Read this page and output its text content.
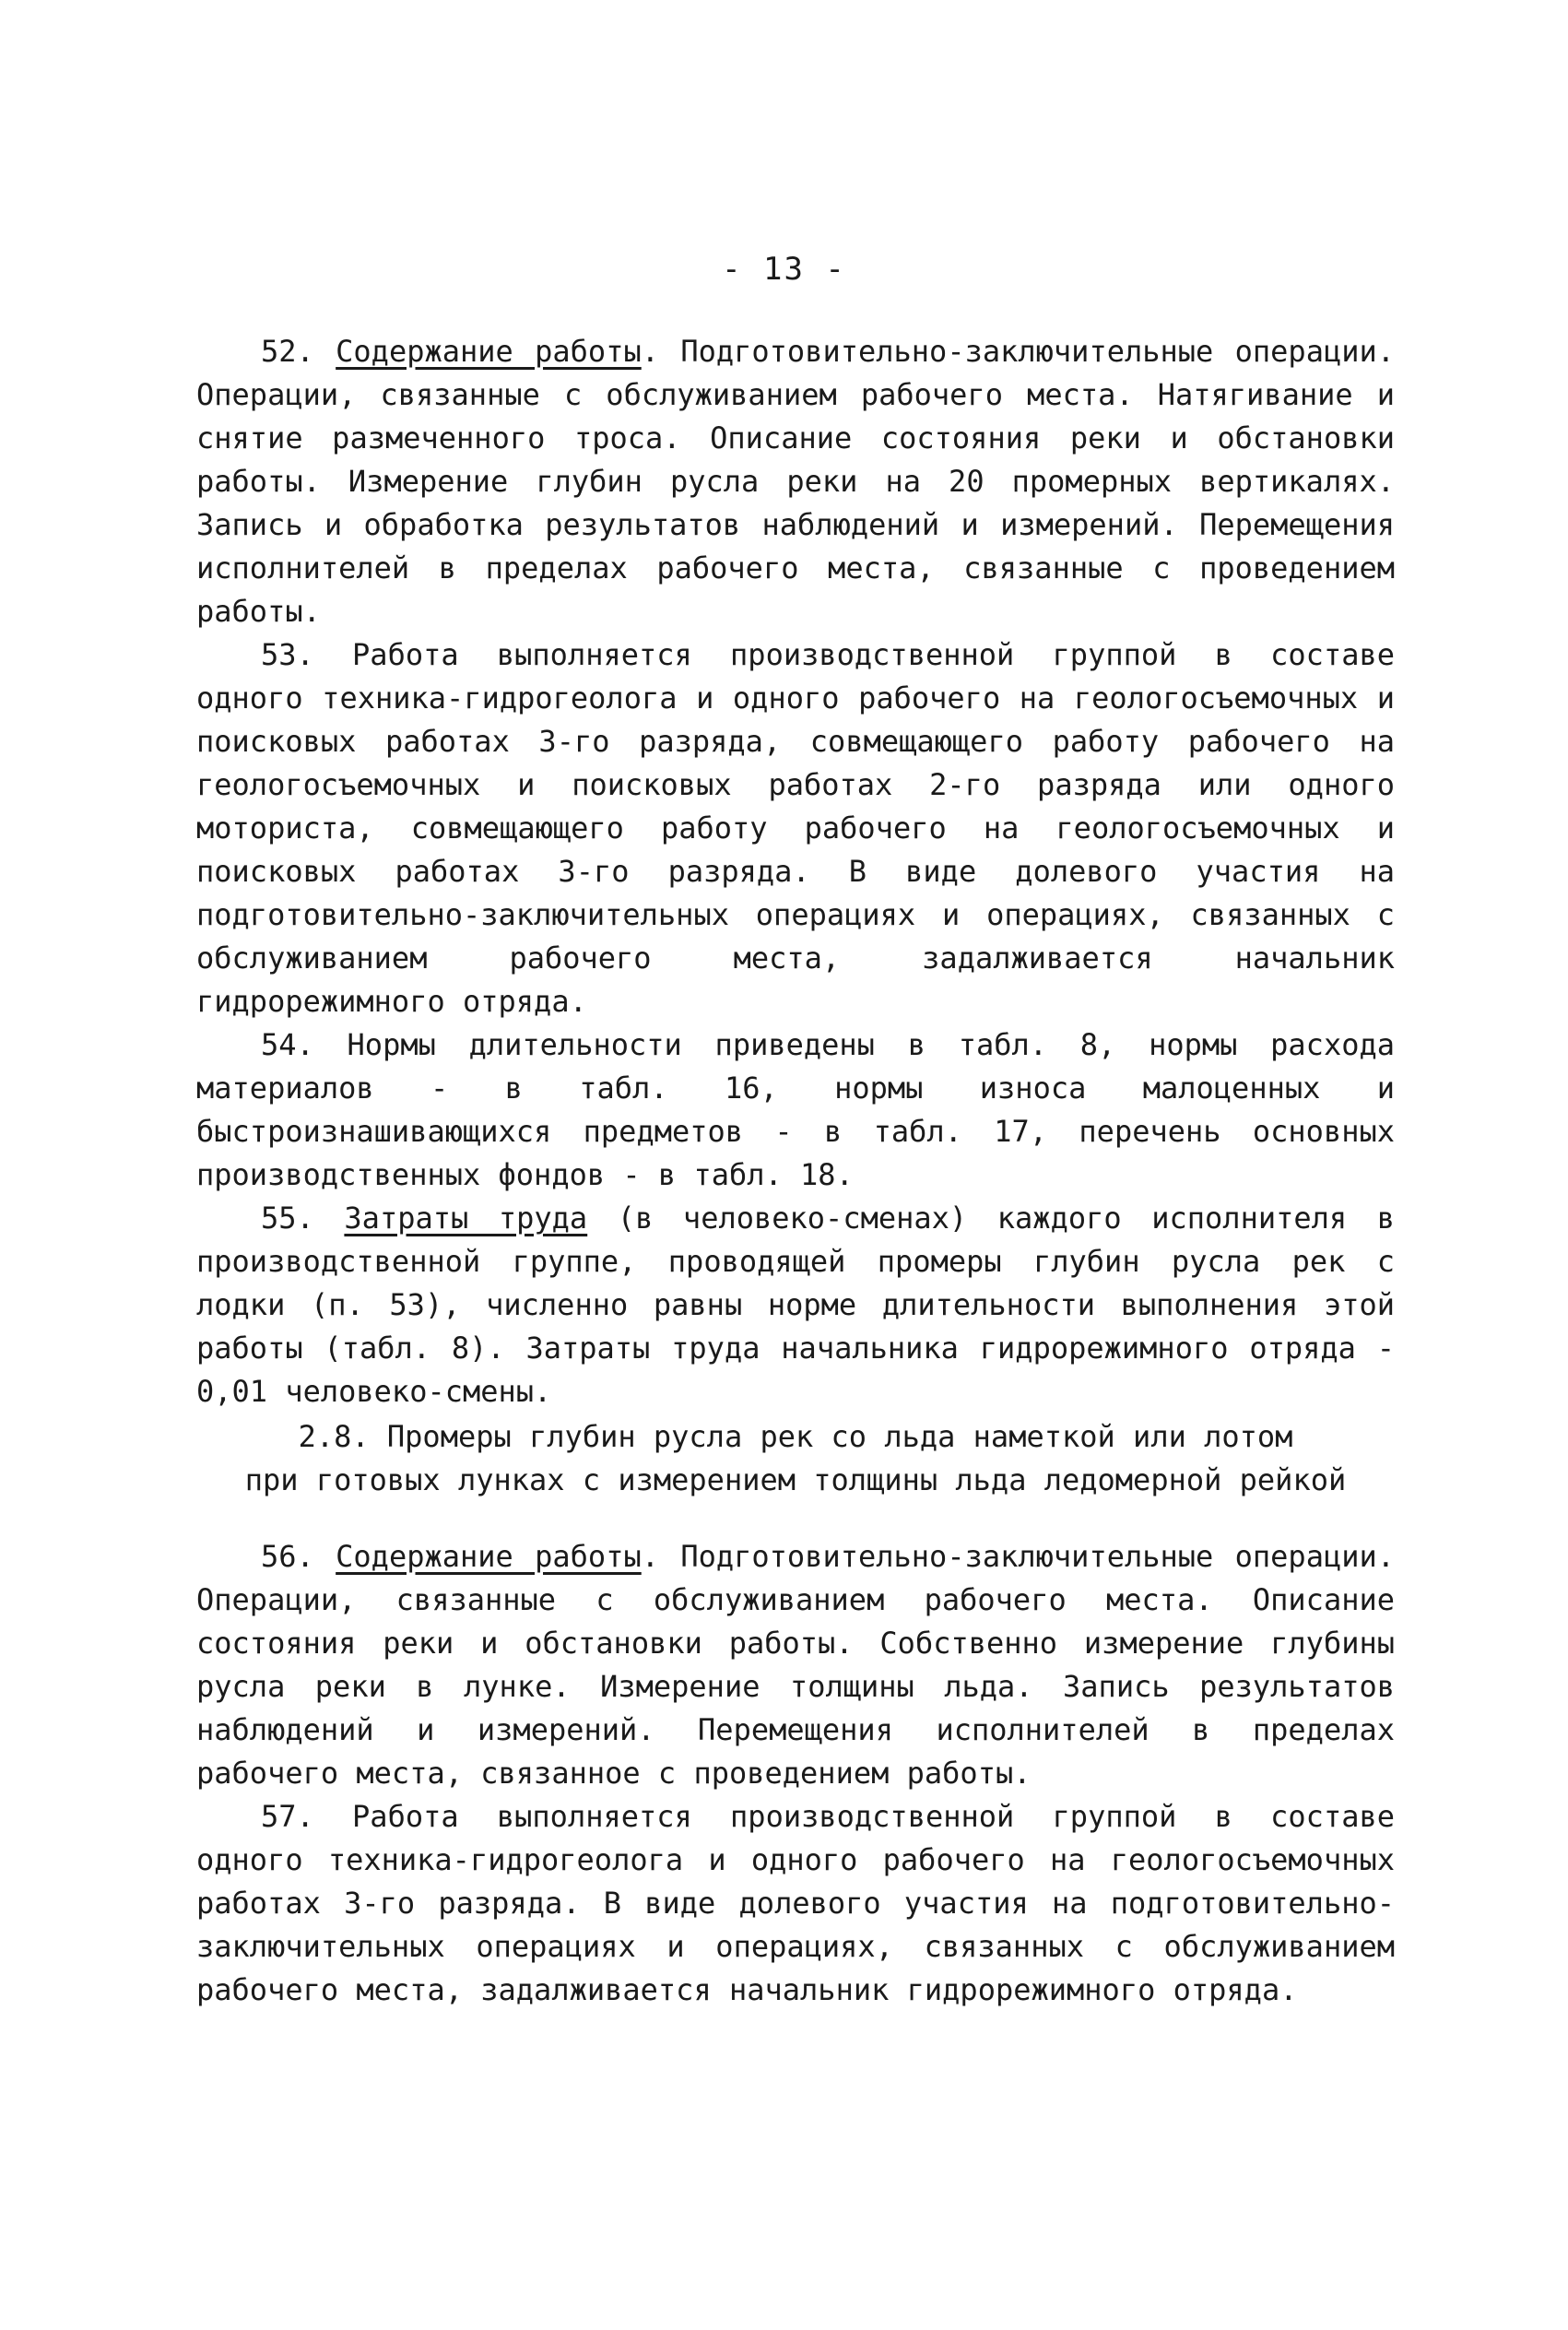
- 13 -

52. Содержание работы. Подготовительно-заключительные операции. Операции, связанные с обслуживанием рабочего места. Натягивание и снятие размеченного троса. Описание состояния реки и обстановки работы. Измерение глубин русла реки на 20 промерных вертикалях. Запись и обработка результатов наблюдений и измерений. Перемещения исполнителей в пределах рабочего места, связанные с проведением работы.

53. Работа выполняется производственной группой в составе одного техника-гидрогеолога и одного рабочего на геологосъемочных и поисковых работах 3-го разряда, совмещающего работу рабочего на геологосъемочных и поисковых работах 2-го разряда или одного моториста, совмещающего работу рабочего на геологосъемочных и поисковых работах 3-го разряда. В виде долевого участия на подготовительно-заключительных операциях и операциях, связанных с обслуживанием рабочего места, задалживается начальник гидрорежимного отряда.

54. Нормы длительности приведены в табл. 8, нормы расхода материалов - в табл. 16, нормы износа малоценных и быстроизнашивающихся предметов - в табл. 17, перечень основных производственных фондов - в табл. 18.

55. Затраты труда (в человеко-сменах) каждого исполнителя в производственной группе, проводящей промеры глубин русла рек с лодки (п. 53), численно равны норме длительности выполнения этой работы (табл. 8). Затраты труда начальника гидрорежимного отряда - 0,01 человеко-смены.

2.8. Промеры глубин русла рек со льда наметкой или лотом
при готовых лунках с измерением толщины льда ледомерной рейкой

56. Содержание работы. Подготовительно-заключительные операции. Операции, связанные с обслуживанием рабочего места. Описание состояния реки и обстановки работы. Собственно измерение глубины русла реки в лунке. Измерение толщины льда. Запись результатов наблюдений и измерений. Перемещения исполнителей в пределах рабочего места, связанное с проведением работы.

57. Работа выполняется производственной группой в составе одного техника-гидрогеолога и одного рабочего на геологосъемочных работах 3-го разряда. В виде долевого участия на подготовительно-заключительных операциях и операциях, связанных с обслуживанием рабочего места, задалживается начальник гидрорежимного отряда.
